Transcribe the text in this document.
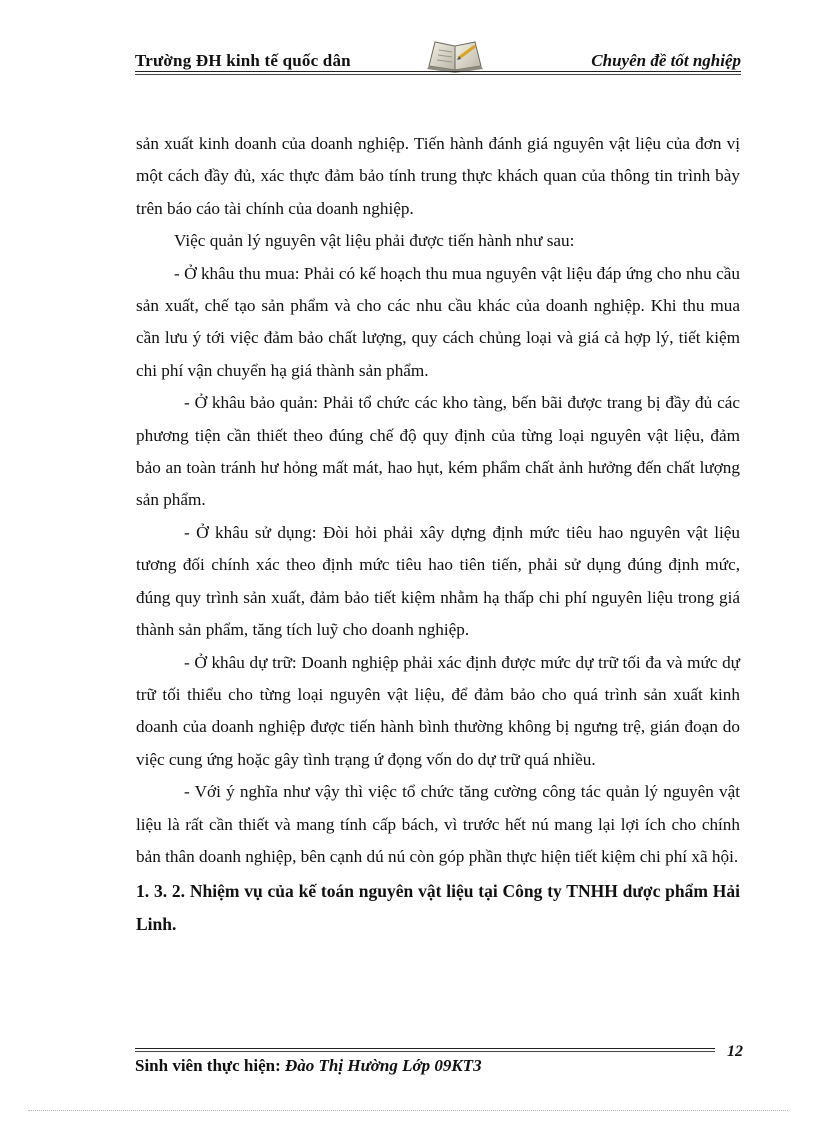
Trường ĐH kinh tế quốc dân	Chuyên đề tốt nghiệp

sản xuất kinh doanh của doanh nghiệp. Tiến hành đánh giá nguyên vật liệu của đơn vị một cách đầy đủ, xác thực đảm bảo tính trung thực khách quan của thông tin trình bày trên báo cáo tài chính của doanh nghiệp.

Việc quản lý nguyên vật liệu phải được tiến hành như sau:

- Ở khâu thu mua: Phải có kế hoạch thu mua nguyên vật liệu đáp ứng cho nhu cầu sản xuất, chế tạo sản phẩm và cho các nhu cầu khác của doanh nghiệp. Khi thu mua cần lưu ý tới việc đảm bảo chất lượng, quy cách chủng loại và giá cả hợp lý, tiết kiệm chi phí vận chuyển hạ giá thành sản phẩm.

- Ở khâu bảo quản: Phải tổ chức các kho tàng, bến bãi được trang bị đầy đủ các phương tiện cần thiết theo đúng chế độ quy định của từng loại nguyên vật liệu, đảm bảo an toàn tránh hư hỏng mất mát, hao hụt, kém phẩm chất ảnh hưởng đến chất lượng sản phẩm.

- Ở khâu sử dụng: Đòi hỏi phải xây dựng định mức tiêu hao nguyên vật liệu tương đối chính xác theo định mức tiêu hao tiên tiến, phải sử dụng đúng định mức, đúng quy trình sản xuất, đảm bảo tiết kiệm nhằm hạ thấp chi phí nguyên liệu trong giá thành sản phẩm, tăng tích luỹ cho doanh nghiệp.

- Ở khâu dự trữ: Doanh nghiệp phải xác định được mức dự trữ tối đa và mức dự trữ tối thiểu cho từng loại nguyên vật liệu, để đảm bảo cho quá trình sản xuất kinh doanh của doanh nghiệp được tiến hành bình thường không bị ngưng trệ, gián đoạn do việc cung ứng hoặc gây tình trạng ứ đọng vốn do dự trữ quá nhiều.

- Với ý nghĩa như vậy thì việc tổ chức tăng cường công tác quản lý nguyên vật liệu là rất cần thiết và mang tính cấp bách, vì trước hết nú mang lại lợi ích cho chính bản thân doanh nghiệp, bên cạnh dú nú còn góp phần thực hiện tiết kiệm chi phí xã hội.

1. 3. 2. Nhiệm vụ của kế toán nguyên vật liệu tại Công ty TNHH dược phẩm Hải Linh.

Sinh viên thực hiện: Đào Thị Hường Lớp 09KT3
12
